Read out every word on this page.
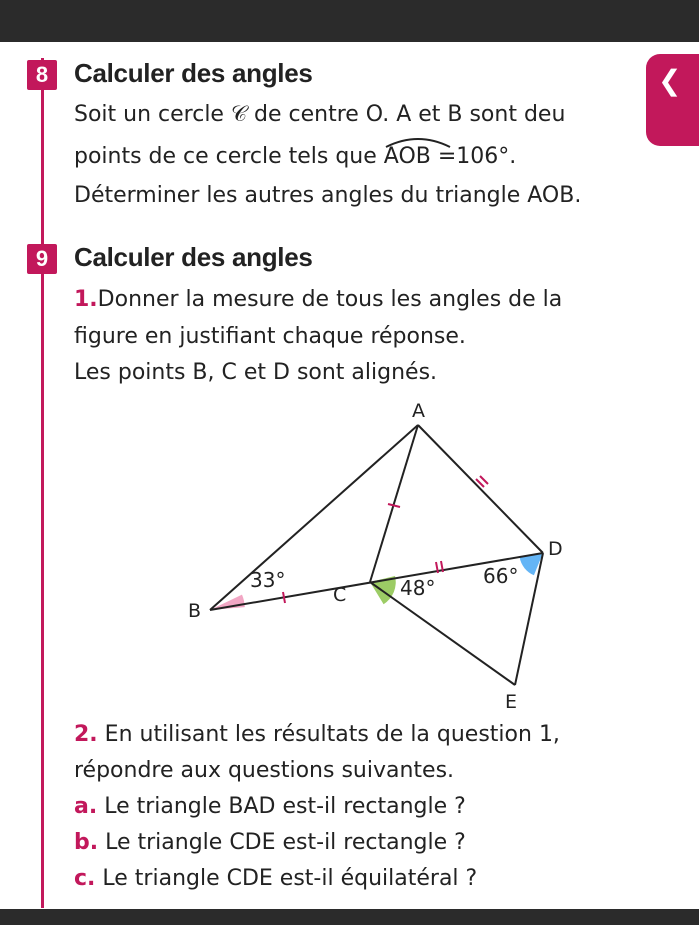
❮
8 Calculer des angles
Soit un cercle 𝒞 de centre O. A et B sont deu
points de ce cercle tels que
AOB =106°.
Déterminer les autres angles du triangle AOB.
9 Calculer des angles
1.Donner la mesure de tous les angles de la
figure en justifiant chaque réponse.
Les points B, C et D sont alignés.
A
B
C
D
E
33°	48° 66°
2. En utilisant les résultats de la question 1,
répondre aux questions suivantes.
a. Le triangle BAD est-il rectangle ?
b. Le triangle CDE est-il rectangle ?
c. Le triangle CDE est-il équilatéral ?
